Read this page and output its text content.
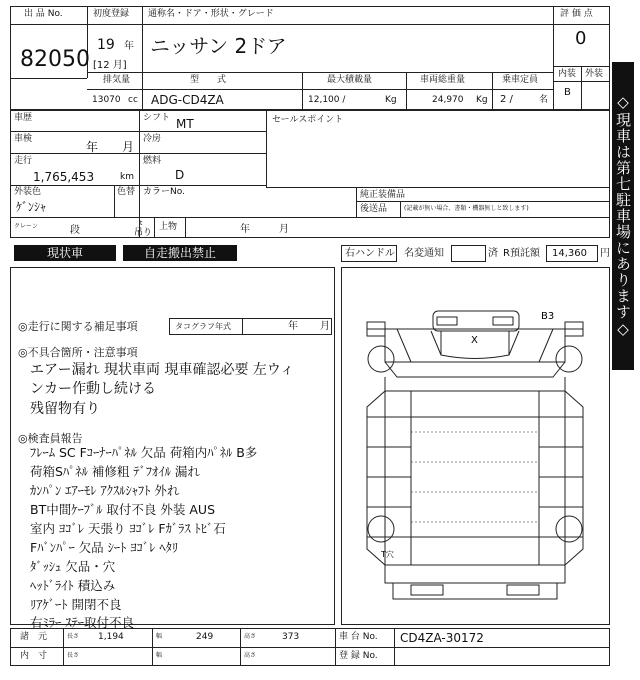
出 品 No.
82050
初度登録 通称名・ドア・形状・グレード
19 年
[12 月]
ニッサン 2ドア
評 価 点
0
内装 外装
B
排気量	型　　式	最大積載量	車両総重量	乗車定員
13070 cc ADG-CD4ZA	12,100 /	Kg	24,970 Kg 2 /	名
車歴	シフト MT	セールスポイント
車検
年 月
冷房
走行
1,765,453	km
燃料
D
外装色
ｹﾞﾝｼｬ
色替 カラーNo.	純正装備品
後送品	(記載が無い場合、書類・機器無しと致します)
クレーン	段
t
吊り
上物	年	月
現状車	自走搬出禁止	右ハンドル 名変通知	済 R預託額 14,360 円
◎走行に関する補足事項	タコグラフ年式	年 月
◎不具合箇所・注意事項
エアー漏れ 現状車両 現車確認必要 左ウィ
ンカー作動し続ける
残留物有り
◎検査員報告
ﾌﾚｰﾑ SC Fｺｰﾅｰﾊﾟﾈﾙ 欠品 荷箱内ﾊﾟﾈﾙ B多
荷箱Sﾊﾟﾈﾙ 補修粗 ﾃﾞﾌｵｲﾙ 漏れ
ｶﾝﾊﾟﾝ ｴｱｰﾓﾚ ｱｸｽﾙｼｬﾌﾄ 外れ
BT中間ｹｰﾌﾞﾙ 取付不良 外装 AUS
室内 ﾖｺﾞﾚ 天張り ﾖｺﾞﾚ Fｶﾞﾗｽ ﾄﾋﾞ石
Fﾊﾞﾝﾊﾟｰ 欠品 ｼｰﾄ ﾖｺﾞﾚ ﾍﾀﾘ
ﾀﾞｯｼｭ 欠品・穴
ﾍｯﾄﾞﾗｲﾄ 積込み
ﾘｱｹﾞｰﾄ 開閉不良
右ﾐﾗｰ ｽﾃｰ取付不良
X
B3
T穴
◇現車は第七駐車場にあります◇
諸　元	長さ 1,194	幅	249	高さ	373	車 台 No. CD4ZA-30172
内　寸	長さ	幅	高さ	登 録 No.
